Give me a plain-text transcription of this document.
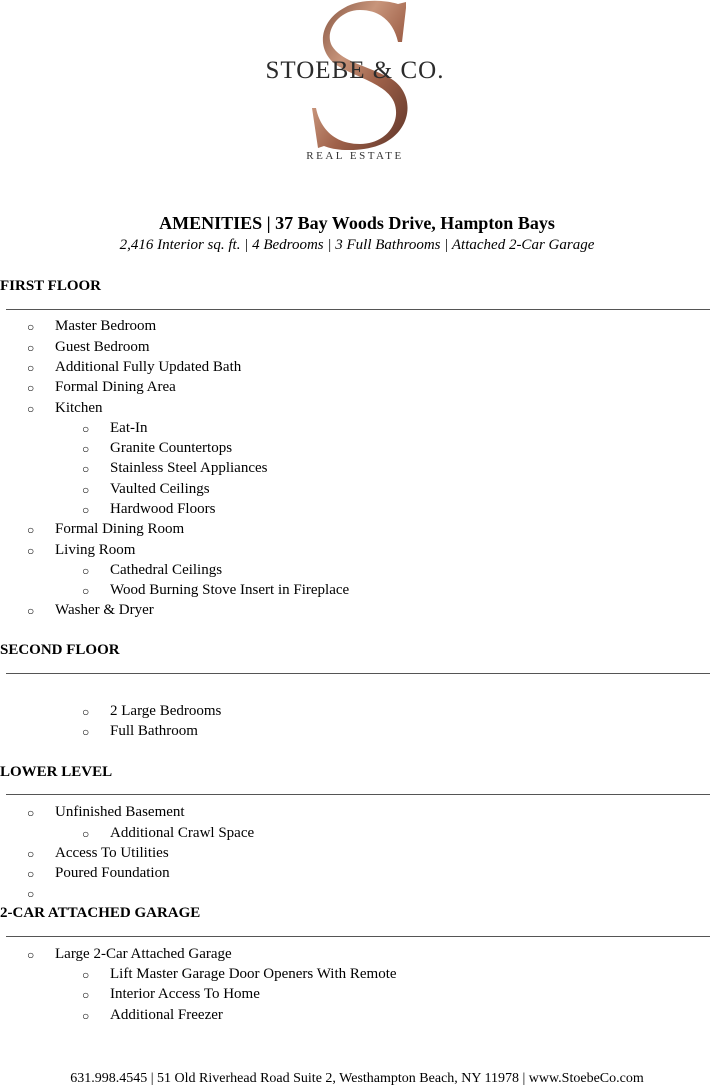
STOEBE & CO.
REAL ESTATE
AMENITIES | 37 Bay Woods Drive, Hampton Bays
2,416 Interior sq. ft. | 4 Bedrooms | 3 Full Bathrooms | Attached 2-Car Garage
FIRST FLOOR
○ Master Bedroom
○ Guest Bedroom
○ Additional Fully Updated Bath
○ Formal Dining Area
○ Kitchen
○ Eat-In
○ Granite Countertops
○ Stainless Steel Appliances
○ Vaulted Ceilings
○ Hardwood Floors
○ Formal Dining Room
○ Living Room
○ Cathedral Ceilings
○ Wood Burning Stove Insert in Fireplace
○ Washer & Dryer
SECOND FLOOR
○ 2 Large Bedrooms
○ Full Bathroom
LOWER LEVEL
○ Unfinished Basement
○ Additional Crawl Space
○ Access To Utilities
○ Poured Foundation
○
2-CAR ATTACHED GARAGE
○ Large 2-Car Attached Garage
○ Lift Master Garage Door Openers With Remote
○ Interior Access To Home
○ Additional Freezer
631.998.4545 | 51 Old Riverhead Road Suite 2, Westhampton Beach, NY 11978 | www.StoebeCo.com
